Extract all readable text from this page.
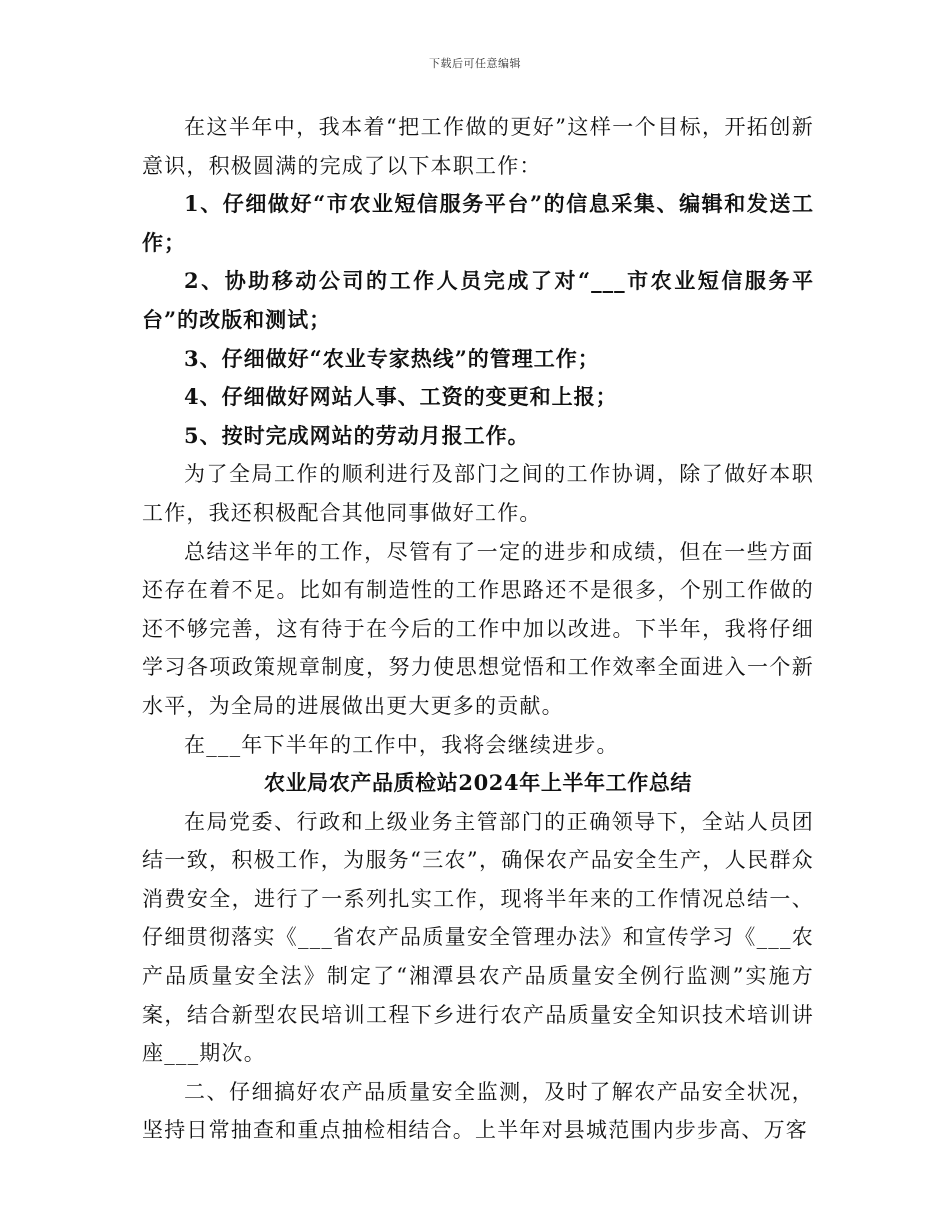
下载后可任意编辑

在这半年中，我本着“把工作做的更好”这样一个目标，开拓创新意识，积极圆满的完成了以下本职工作：

1、仔细做好“市农业短信服务平台”的信息采集、编辑和发送工作；

2、协助移动公司的工作人员完成了对“___市农业短信服务平台”的改版和测试；

3、仔细做好“农业专家热线”的管理工作；

4、仔细做好网站人事、工资的变更和上报；

5、按时完成网站的劳动月报工作。

为了全局工作的顺利进行及部门之间的工作协调，除了做好本职工作，我还积极配合其他同事做好工作。

总结这半年的工作，尽管有了一定的进步和成绩，但在一些方面还存在着不足。比如有制造性的工作思路还不是很多，个别工作做的还不够完善，这有待于在今后的工作中加以改进。下半年，我将仔细学习各项政策规章制度，努力使思想觉悟和工作效率全面进入一个新水平，为全局的进展做出更大更多的贡献。

在___年下半年的工作中，我将会继续进步。

农业局农产品质检站2024年上半年工作总结

在局党委、行政和上级业务主管部门的正确领导下，全站人员团结一致，积极工作，为服务“三农”，确保农产品安全生产，人民群众消费安全，进行了一系列扎实工作，现将半年来的工作情况总结一、仔细贯彻落实《___省农产品质量安全管理办法》和宣传学习《___农产品质量安全法》制定了“湘潭县农产品质量安全例行监测”实施方案，结合新型农民培训工程下乡进行农产品质量安全知识技术培训讲座___期次。

二、仔细搞好农产品质量安全监测，及时了解农产品安全状况，坚持日常抽查和重点抽检相结合。上半年对县城范围内步步高、万客
